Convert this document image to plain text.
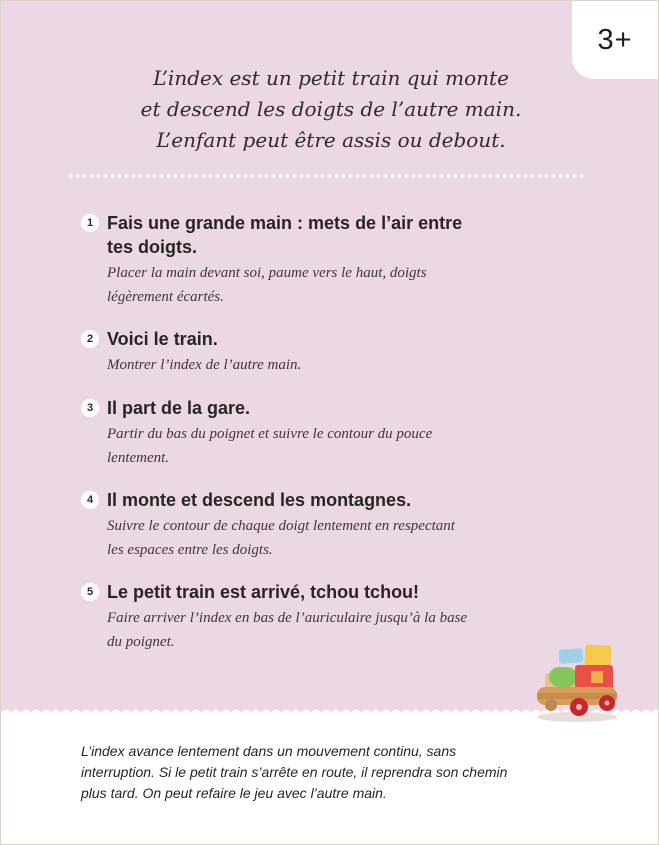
3+
L’index est un petit train qui monte
et descend les doigts de l’autre main.
L’enfant peut être assis ou debout.
1 Fais une grande main : mets de l’air entre
tes doigts.
Placer la main devant soi, paume vers le haut, doigts
légèrement écartés.
2 Voici le train.
Montrer l’index de l’autre main.
3 Il part de la gare.
Partir du bas du poignet et suivre le contour du pouce
lentement.
4 Il monte et descend les montagnes.
Suivre le contour de chaque doigt lentement en respectant
les espaces entre les doigts.
5 Le petit train est arrivé, tchou tchou!
Faire arriver l’index en bas de l’auriculaire jusqu’à la base
du poignet.
L’index avance lentement dans un mouvement continu, sans
interruption. Si le petit train s’arrête en route, il reprendra son chemin
plus tard. On peut refaire le jeu avec l’autre main.
